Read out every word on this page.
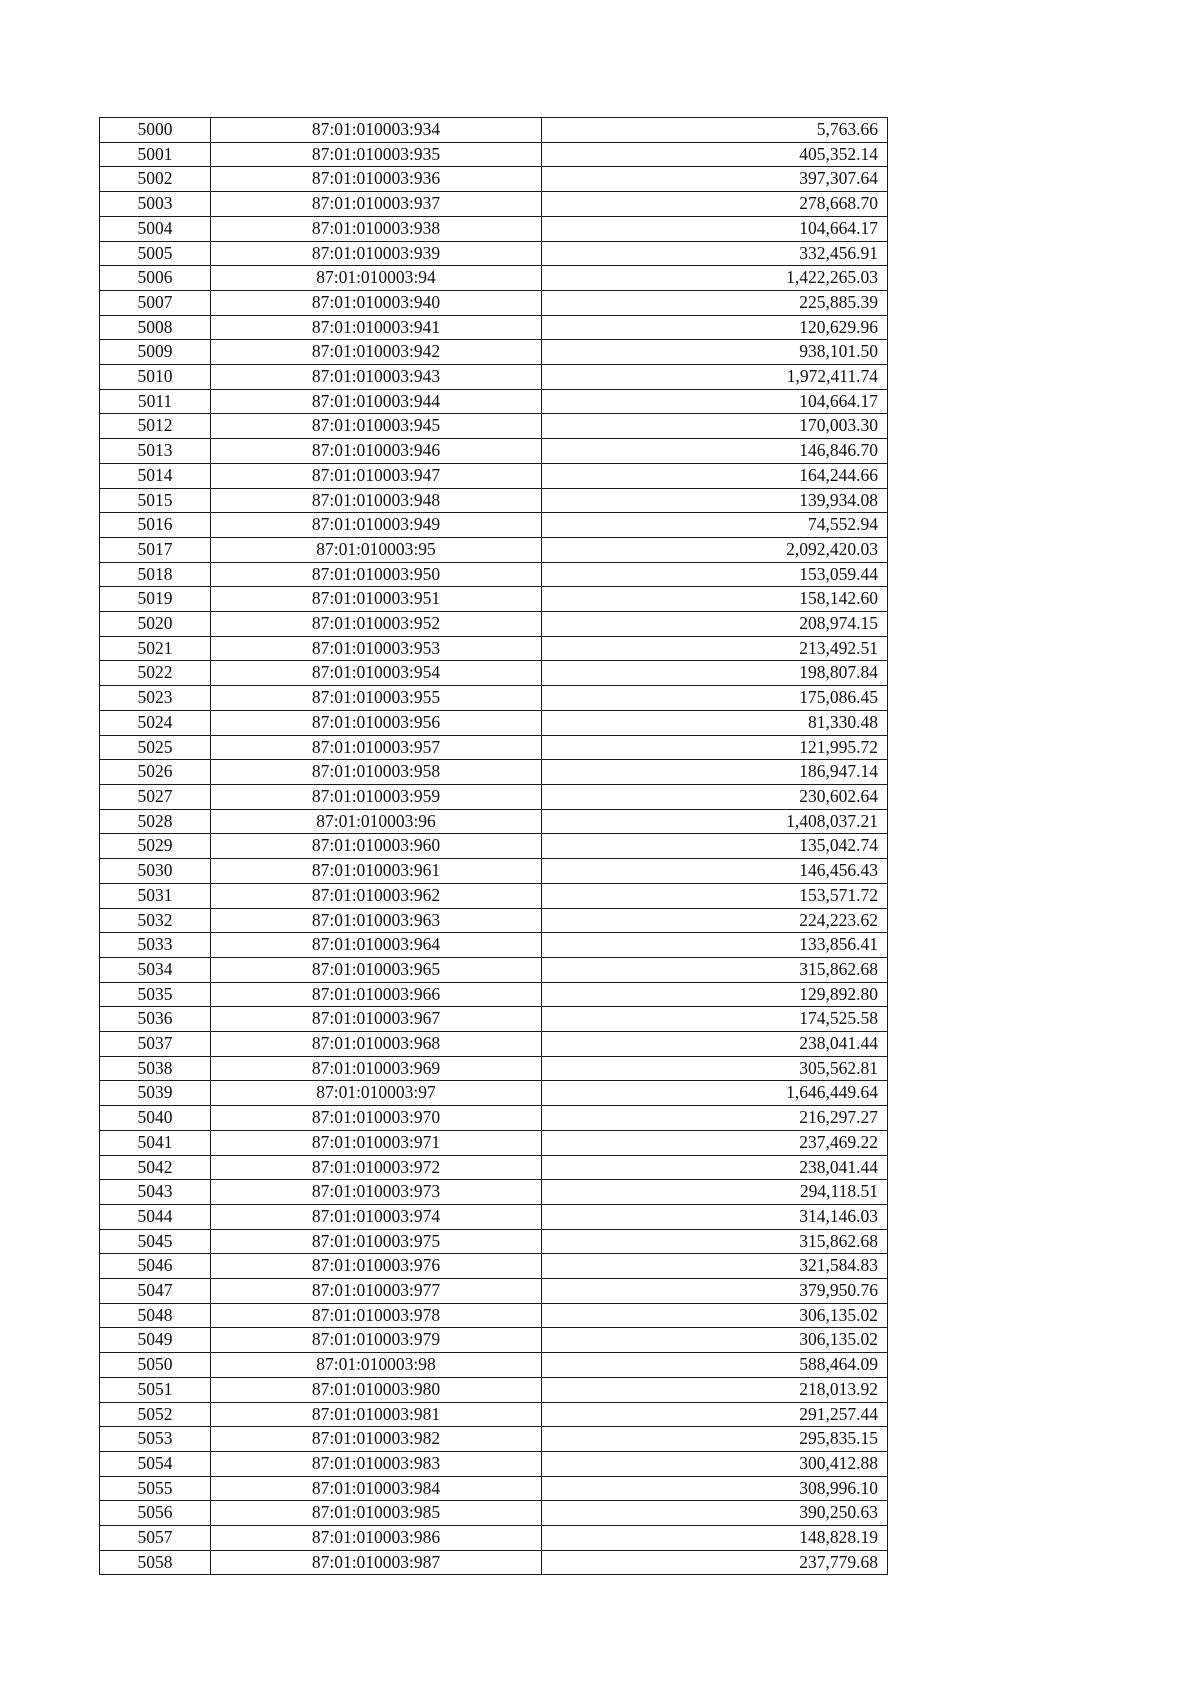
5000	87:01:010003:934	5,763.66
5001	87:01:010003:935	405,352.14
5002	87:01:010003:936	397,307.64
5003	87:01:010003:937	278,668.70
5004	87:01:010003:938	104,664.17
5005	87:01:010003:939	332,456.91
5006	87:01:010003:94	1,422,265.03
5007	87:01:010003:940	225,885.39
5008	87:01:010003:941	120,629.96
5009	87:01:010003:942	938,101.50
5010	87:01:010003:943	1,972,411.74
5011	87:01:010003:944	104,664.17
5012	87:01:010003:945	170,003.30
5013	87:01:010003:946	146,846.70
5014	87:01:010003:947	164,244.66
5015	87:01:010003:948	139,934.08
5016	87:01:010003:949	74,552.94
5017	87:01:010003:95	2,092,420.03
5018	87:01:010003:950	153,059.44
5019	87:01:010003:951	158,142.60
5020	87:01:010003:952	208,974.15
5021	87:01:010003:953	213,492.51
5022	87:01:010003:954	198,807.84
5023	87:01:010003:955	175,086.45
5024	87:01:010003:956	81,330.48
5025	87:01:010003:957	121,995.72
5026	87:01:010003:958	186,947.14
5027	87:01:010003:959	230,602.64
5028	87:01:010003:96	1,408,037.21
5029	87:01:010003:960	135,042.74
5030	87:01:010003:961	146,456.43
5031	87:01:010003:962	153,571.72
5032	87:01:010003:963	224,223.62
5033	87:01:010003:964	133,856.41
5034	87:01:010003:965	315,862.68
5035	87:01:010003:966	129,892.80
5036	87:01:010003:967	174,525.58
5037	87:01:010003:968	238,041.44
5038	87:01:010003:969	305,562.81
5039	87:01:010003:97	1,646,449.64
5040	87:01:010003:970	216,297.27
5041	87:01:010003:971	237,469.22
5042	87:01:010003:972	238,041.44
5043	87:01:010003:973	294,118.51
5044	87:01:010003:974	314,146.03
5045	87:01:010003:975	315,862.68
5046	87:01:010003:976	321,584.83
5047	87:01:010003:977	379,950.76
5048	87:01:010003:978	306,135.02
5049	87:01:010003:979	306,135.02
5050	87:01:010003:98	588,464.09
5051	87:01:010003:980	218,013.92
5052	87:01:010003:981	291,257.44
5053	87:01:010003:982	295,835.15
5054	87:01:010003:983	300,412.88
5055	87:01:010003:984	308,996.10
5056	87:01:010003:985	390,250.63
5057	87:01:010003:986	148,828.19
5058	87:01:010003:987	237,779.68
